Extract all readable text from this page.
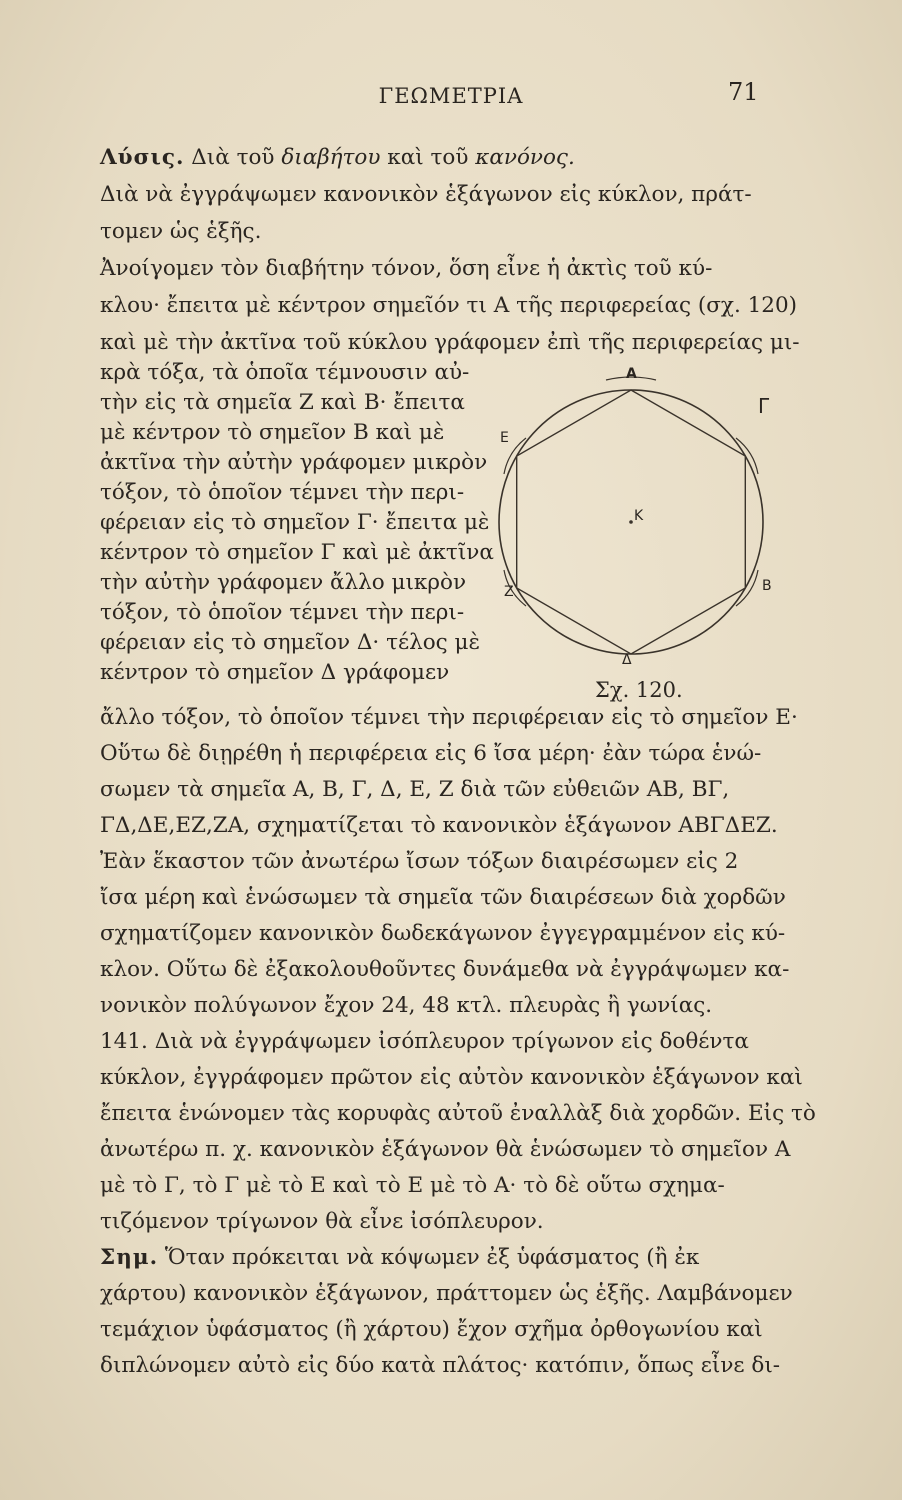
ΓΕΩΜΕΤΡΙΑ	71
Λύσις. Διὰ τοῦ διαβήτου καὶ τοῦ κανόνος.
Διὰ νὰ ἐγγράψωμεν κανονικὸν ἑξάγωνον εἰς κύκλον, πράτ-
τομεν ὡς ἑξῆς.
Ἀνοίγομεν τὸν διαβήτην τόνον, ὅση εἶνε ἡ ἀκτὶς τοῦ κύ-
κλου· ἔπειτα μὲ κέντρον σημεῖόν τι Α τῆς περιφερείας (σχ. 120)
καὶ μὲ τὴν ἀκτῖνα τοῦ κύκλου γράφομεν ἐπὶ τῆς περιφερείας μι-
κρὰ τόξα, τὰ ὁποῖα τέμνουσιν αὐ-
τὴν εἰς τὰ σημεῖα Ζ καὶ Β· ἔπειτα
μὲ κέντρον τὸ σημεῖον Β καὶ μὲ
ἀκτῖνα τὴν αὐτὴν γράφομεν μικρὸν
τόξον, τὸ ὁποῖον τέμνει τὴν περι-
φέρειαν εἰς τὸ σημεῖον Γ· ἔπειτα μὲ
κέντρον τὸ σημεῖον Γ καὶ μὲ ἀκτῖνα
τὴν αὐτὴν γράφομεν ἄλλο μικρὸν
τόξον, τὸ ὁποῖον τέμνει τὴν περι-
φέρειαν εἰς τὸ σημεῖον Δ· τέλος μὲ
κέντρον τὸ σημεῖον Δ γράφομεν
ἄλλο τόξον, τὸ ὁποῖον τέμνει τὴν περιφέρειαν εἰς τὸ σημεῖον Ε·
Οὕτω δὲ διῃρέθη ἡ περιφέρεια εἰς 6 ἴσα μέρη· ἐὰν τώρα ἑνώ-
σωμεν τὰ σημεῖα Α, Β, Γ, Δ, Ε, Ζ διὰ τῶν εὐθειῶν ΑΒ, ΒΓ,
ΓΔ,ΔΕ,ΕΖ,ΖΑ, σχηματίζεται τὸ κανονικὸν ἑξάγωνον ΑΒΓΔΕΖ.
Ἐὰν ἕκαστον τῶν ἀνωτέρω ἴσων τόξων διαιρέσωμεν εἰς 2
ἴσα μέρη καὶ ἑνώσωμεν τὰ σημεῖα τῶν διαιρέσεων διὰ χορδῶν
σχηματίζομεν κανονικὸν δωδεκάγωνον ἐγγεγραμμένον εἰς κύ-
κλον. Οὕτω δὲ ἐξακολουθοῦντες δυνάμεθα νὰ ἐγγράψωμεν κα-
νονικὸν πολύγωνον ἔχον 24, 48 κτλ. πλευρὰς ἢ γωνίας.
141. Διὰ νὰ ἐγγράψωμεν ἰσόπλευρον τρίγωνον εἰς δοθέντα
κύκλον, ἐγγράφομεν πρῶτον εἰς αὐτὸν κανονικὸν ἑξάγωνον καὶ
ἔπειτα ἑνώνομεν τὰς κορυφὰς αὐτοῦ ἐναλλὰξ διὰ χορδῶν. Εἰς τὸ
ἀνωτέρω π. χ. κανονικὸν ἑξάγωνον θὰ ἑνώσωμεν τὸ σημεῖον Α
μὲ τὸ Γ, τὸ Γ μὲ τὸ Ε καὶ τὸ Ε μὲ τὸ Α· τὸ δὲ οὕτω σχημα-
τιζόμενον τρίγωνον θὰ εἶνε ἰσόπλευρον.
Σημ. Ὅταν πρόκειται νὰ κόψωμεν ἐξ ὑφάσματος (ἢ ἐκ
χάρτου) κανονικὸν ἑξάγωνον, πράττομεν ὡς ἑξῆς. Λαμβάνομεν
τεμάχιον ὑφάσματος (ἢ χάρτου) ἔχον σχῆμα ὀρθογωνίου καὶ
διπλώνομεν αὐτὸ εἰς δύο κατὰ πλάτος· κατόπιν, ὅπως εἶνε δι-
Α
Γ
Β
Δ
Ε
Ζ
Κ
Σχ. 120.
